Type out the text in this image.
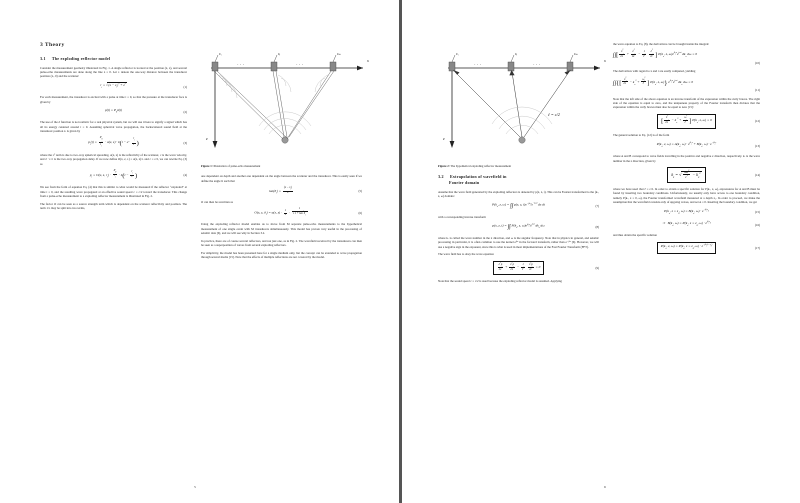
3 Theory
3.1 The exploding reflector model

Consider the measurement geometry illustrated in Fig. 1. A single reflector is located at the position (x, z), and several pulse-echo measurements are done along the line z = 0. Let rᵢ denote the one-way distance between the transducer position (xᵢ, 0) and the scatterer:

$r_i = √(x - x_i)^2 + z^2$
(1)

For each measurement, the transducer is excited with a pulse at time t = 0, so that the pressure at the transducer face is given by

$p(t) = P_0\delta(t)$	(2)

The use of the δ function is not realistic for a real physical system, but we will use it here to signify a signal which has all its energy centered around t = 0. Assuming spherical wave propagation, the backscattered sound field at the transducer position xᵢ is given by

$p_i(t) = \frac{P_0}{r_i^2} \cdot \alpha(x$, $z) \cdot \delta(t - 2 \cdot \frac{r_i}{c}$ )	(3)

where the rᵢ² term is due to two-way spherical spreading, α(x, z) is the reflectivity of the scatterer, c is the wave velocity, and 2 · rᵢ/c is the two-way propagation delay. If we now define O(x, z, rᵢ) = α(x, z)/rᵢ and c = c/2, we can rewrite Eq. (3) as

$p_i = O(x$, z, $r_i) \cdot \frac{P_0}{r_i} \cdot \delta(t - \frac{r_i}{ĉ}$ )	(4)

We see from the form of equation Eq. (4) that this is similar to what would be measured if the reflector “exploded” at time t = 0, and the resulting wave propagated at an effective sound speed c = c/2 toward the transducer. This change from a pulse-echo measurement to a exploding reflector measurement is illustrated in Fig. 2.

The factor O can be seen as a source strength term which is dependent on the scatterer reflectivity and position. The term 1/rᵢ may be split into two terms,

x
z
x₁	xᵢ	xₘ
· · ·	· · ·
Figure 1: Illustration of pulse-echo measurement

one dependent on depth and another one dependent on the angle between the scatterer and the transducer. This is easily seen if we define the angle θᵢ such that

$\tan(\theta_i) = \frac{(x - x_i)}{z}$	(5)

O can then be rewritten as

O(x, z, $\theta_i) = \alpha(x$, $z) \cdot \frac{1}{z} \cdot \frac{1}{√1 + \tan^2\theta_i}$	(6)

Using the exploding reflector model enables us to move from M separate pulse-echo measurements to the hypothetical measurement of one single event with M transducers simultaneously. This model has proven very useful in the processing of seismic data [6], and we will see why in Section 3.2.

In practice, there are of course several reflectors, and not just one, as in Fig. 2. The wavefield received by the transducers can then be seen as a superposition of waves from several exploding reflectors.

For simplicity, the model has been presented here for a single medium only, but the concept can be extended to wave propagation through several media [15]. Note that the effects of multiple reflections are not covered by the model.

5
x
z
x₁	xᵢ	xₘ
· · ·	· · ·
ĉ = c/2
Figure 2: The hypothetical exploding reflector measurement
3.2 Extrapolation of wavefield in
Fourier domain

Assume that the wave field generated by the exploding reflectors is denoted by p(x, z, t). This can be Fourier transformed to the (kₓ, z, ω) domain:

$P(k_x$, z, ω) = ∫∫ p(x, z, $t)e^{-jk_xx}e^{-j\omega t}$ dx dt	(7)

with a corresponding inverse transform

p(x, z, t) = ∫∫ $P(k_x$, z, $\omega)e^{jk_xx}e^{j\omega t}$ $dk_x$ dω	(8)

where kₓ is called the wave number in the x direction, and ω is the angular frequency. Note that in physics in general, and seismic processing in particular, it is often common to use the kernel eʲᵏˣ in the forward transform, rather than e⁻ʲᵏˣ [6]. However, we will use a negative sign in the exponent, since this is what is used in most implementations of the Fast Fourier Transform (FFT).

The wave field has to obey the wave equation

$\frac{\partial^2p}{\partial x^2} + \frac{\partial^2p}{\partial z^2} - \frac{1}{ĉ^2}$
$\frac{\partial^2p}{\partial t^2} = 0$	(9)

Note that the sound speed c = c/2 is used because the exploding reflector model is assumed. Applying

the wave equation to Eq. (8), the derivatives can be brought inside the integral:

∫∫[ $\frac{\partial^2}{\partial x^2} + \frac{\partial^2}{\partial z^2} - \frac{1}{ĉ^2}$
$\frac{\partial^2}{\partial t^2}$ ] $P(k_x$, z, $\omega)e^{jk_xx}e^{j\omega t}$ $dk_x$ dω = 0
(10)

The derivatives with regard to x and t are easily computed, yielding

∫∫{[ $\frac{\partial^2}{\partial z^2} - k_x^2 + \frac{\omega^2}{ĉ^2}$ ] $P(k_x$, z, ω)} $e^{jk_xx}e^{j\omega t}$ $dk_x$ dω = 0
(11)

Note that the left side of the above equation is an inverse transform of the expression within the curly braces. The right side of the equation is equal to zero, and the uniqueness property of the Fourier transform then dictates that the expression within the curly braces must also be equal to zero [15]:

[ $\frac{\partial^2}{\partial z^2} - k_x^2 + \frac{\omega^2}{ĉ^2}$ ] $P(k_x$, z, ω) = 0	(12)

The general solution to Eq. (12) is of the form

$P(k_x$, z, $\omega) = A(k_x$, $\omega) \cdot e^{jk_zz} + B(k_x$, $\omega) \cdot e^{-jk_zz}$
(13)

where A and B correspond to wave fields travelling in the positive and negative z direction, respectively. kᵣ is the wave number in the z direction, given by

$k_z$ = √ $\frac{4\omega^2}{c^2} - k_x^2$	(14)

where we have used that ĉ = c/2. In order to obtain a specific solution for P(kₓ, z, ω), expressions for A and B must be found by inserting two boundary conditions. Unfortunately, we usually only have access to one boundary condition, namely P(kₓ, z = 0, ω), the Fourier transformed wavefield measured at a depth z₀. In order to proceed, we make the assumption that the wavefield consists only of upgoing waves, and set A = 0. Inserting the boundary condition, we get

$P(k_x$, $z = z_0$, $\omega) = B(k_x$, $\omega) \cdot e^{-jk_zz_0}$	(15)
⇒   $B(k_x$, $\omega) = P(k_x$, $z = z_0$, $\omega) \cdot e^{jk_zz_0}$	(16)

and thus obtain the specific solution

$P(k_x$, z, $\omega) = P(k_x$, $z = z_0$, $\omega) \cdot e^{-jk_z(z-z_0)}$
(17)
6
